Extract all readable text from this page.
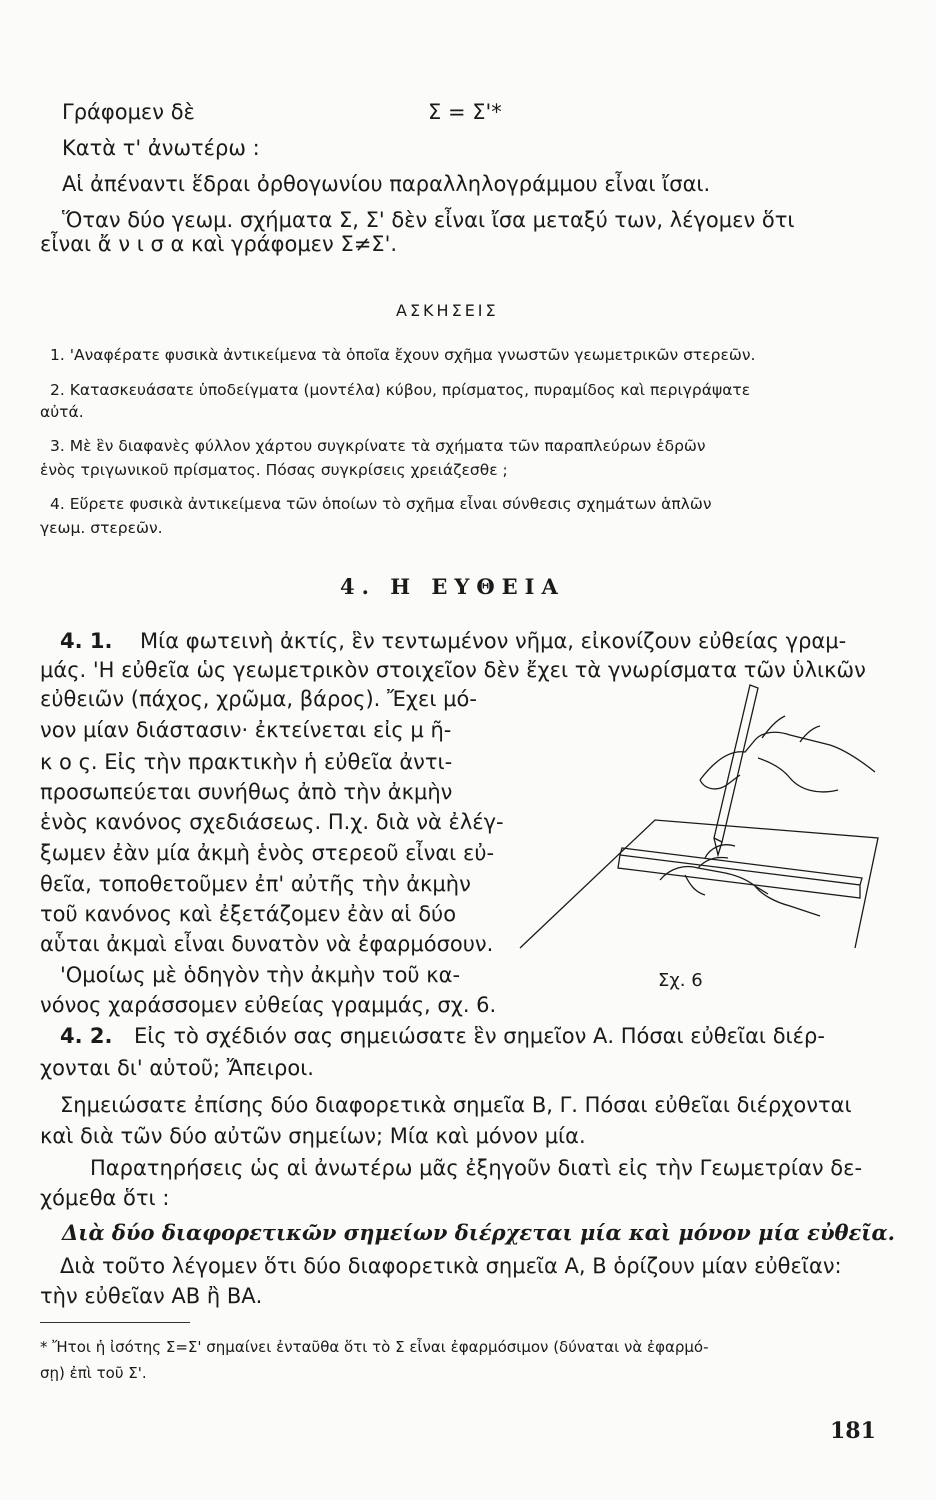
Γράφομεν δὲ	Σ = Σ'*
Κατὰ τ' ἀνωτέρω :
Αἱ ἀπέναντι ἕδραι ὀρθογωνίου παραλληλογράμμου εἶναι ἴσαι.
Ὅταν δύο γεωμ. σχήματα Σ, Σ' δὲν εἶναι ἴσα μεταξύ των, λέγομεν ὅτι
εἶναι ἄ ν ι σ α καὶ γράφομεν Σ≠Σ'.
ΑΣΚΗΣΕΙΣ
1. 'Αναφέρατε φυσικὰ ἀντικείμενα τὰ ὁποῖα ἔχουν σχῆμα γνωστῶν γεωμετρικῶν στερεῶν.
2. Κατασκευάσατε ὑποδείγματα (μοντέλα) κύβου, πρίσματος, πυραμίδος καὶ περιγράψατε
αὐτά.
3. Μὲ ἓν διαφανὲς φύλλον χάρτου συγκρίνατε τὰ σχήματα τῶν παραπλεύρων ἑδρῶν
ἑνὸς τριγωνικοῦ πρίσματος. Πόσας συγκρίσεις χρειάζεσθε ;
4. Εὕρετε φυσικὰ ἀντικείμενα τῶν ὁποίων τὸ σχῆμα εἶναι σύνθεσις σχημάτων ἁπλῶν
γεωμ. στερεῶν.
4. Η ΕΥΘΕΙΑ
4. 1. Μία φωτεινὴ ἀκτίς, ἓν τεντωμένον νῆμα, εἰκονίζουν εὐθείας γραμ-
μάς. 'Η εὐθεῖα ὡς γεωμετρικὸν στοιχεῖον δὲν ἔχει τὰ γνωρίσματα τῶν ὑλικῶν
εὐθειῶν (πάχος, χρῶμα, βάρος). Ἔχει μό-
νον μίαν διάστασιν· ἐκτείνεται εἰς μ ῆ-
κ ο ς. Εἰς τὴν πρακτικὴν ἡ εὐθεῖα ἀντι-
προσωπεύεται συνήθως ἀπὸ τὴν ἀκμὴν
ἑνὸς κανόνος σχεδιάσεως. Π.χ. διὰ νὰ ἐλέγ-
ξωμεν ἐὰν μία ἀκμὴ ἑνὸς στερεοῦ εἶναι εὐ-
θεῖα, τοποθετοῦμεν ἐπ' αὐτῆς τὴν ἀκμὴν
τοῦ κανόνος καὶ ἐξετάζομεν ἐὰν αἱ δύο
αὗται ἀκμαὶ εἶναι δυνατὸν νὰ ἐφαρμόσουν.
'Ομοίως μὲ ὁδηγὸν τὴν ἀκμὴν τοῦ κα-
νόνος χαράσσομεν εὐθείας γραμμάς, σχ. 6.
Σχ. 6
4. 2. Εἰς τὸ σχέδιόν σας σημειώσατε ἓν σημεῖον Α. Πόσαι εὐθεῖαι διέρ-
χονται δι' αὐτοῦ; Ἄπειροι.
Σημειώσατε ἐπίσης δύο διαφορετικὰ σημεῖα Β, Γ. Πόσαι εὐθεῖαι διέρχονται
καὶ διὰ τῶν δύο αὐτῶν σημείων; Μία καὶ μόνον μία.
Παρατηρήσεις ὡς αἱ ἀνωτέρω μᾶς ἐξηγοῦν διατὶ εἰς τὴν Γεωμετρίαν δε-
χόμεθα ὅτι :
Διὰ δύο διαφορετικῶν σημείων διέρχεται μία καὶ μόνον μία εὐθεῖα.
Διὰ τοῦτο λέγομεν ὅτι δύο διαφορετικὰ σημεῖα Α, Β ὁρίζουν μίαν εὐθεῖαν:
τὴν εὐθεῖαν ΑΒ ἢ ΒΑ.
* Ἤτοι ἡ ἰσότης Σ=Σ' σημαίνει ἐνταῦθα ὅτι τὸ Σ εἶναι ἐφαρμόσιμον (δύναται νὰ ἐφαρμό-
σῃ) ἐπὶ τοῦ Σ'.
181
